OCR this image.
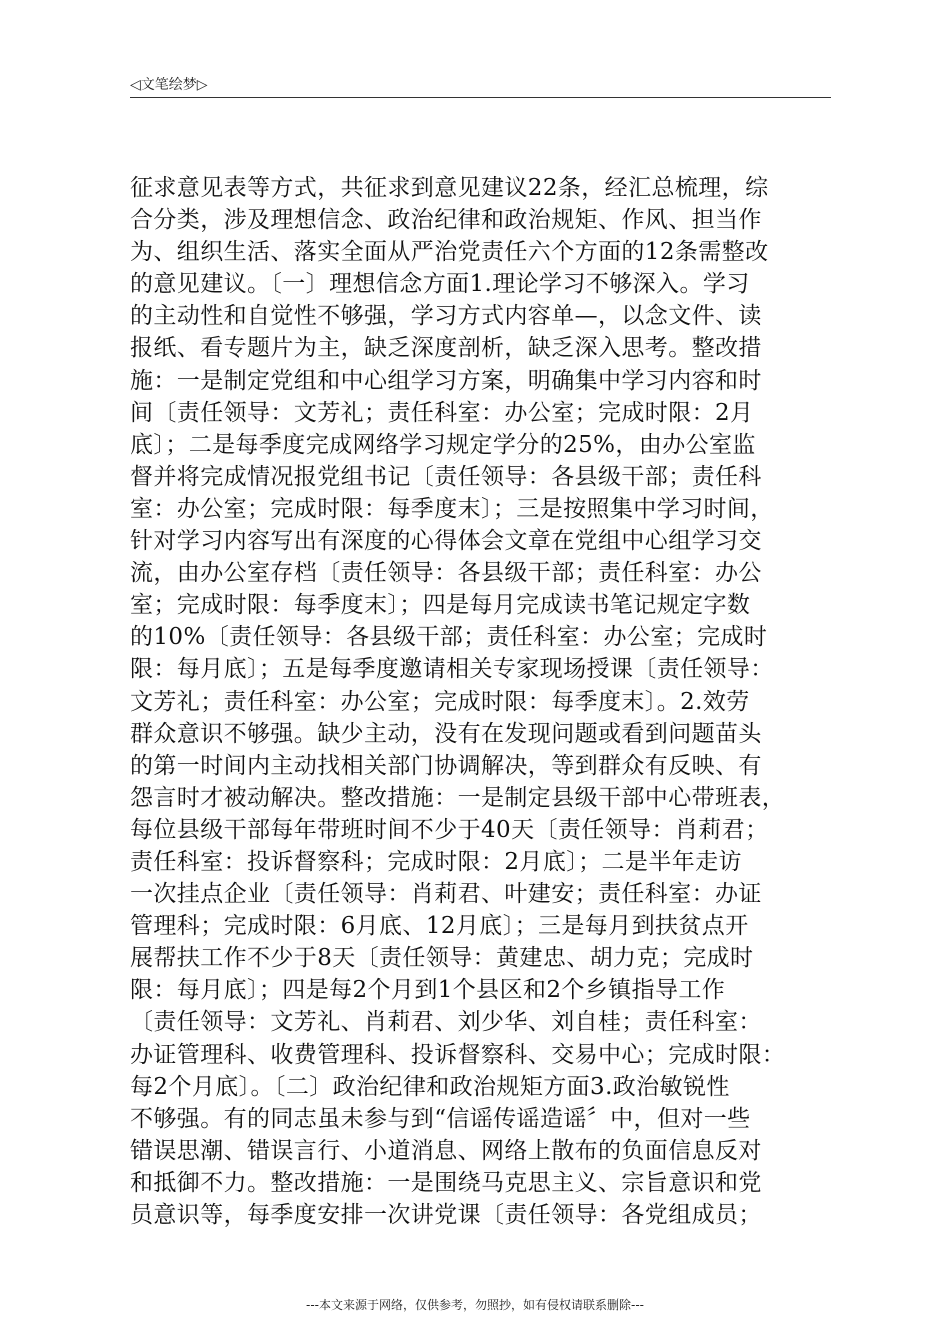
◁文笔绘梦▷
征求意见表等方式，共征求到意见建议22条，经汇总梳理，综
合分类，涉及理想信念、政治纪律和政治规矩、作风、担当作
为、组织生活、落实全面从严治党责任六个方面的12条需整改
的意见建议。〔一〕理想信念方面1.理论学习不够深入。学习
的主动性和自觉性不够强，学习方式内容单—，以念文件、读
报纸、看专题片为主，缺乏深度剖析，缺乏深入思考。整改措
施：一是制定党组和中心组学习方案，明确集中学习内容和时
间〔责任领导：文芳礼；责任科室：办公室；完成时限：2月
底〕；二是每季度完成网络学习规定学分的25%，由办公室监
督并将完成情况报党组书记〔责任领导：各县级干部；责任科
室：办公室；完成时限：每季度末〕；三是按照集中学习时间，
针对学习内容写出有深度的心得体会文章在党组中心组学习交
流，由办公室存档〔责任领导：各县级干部；责任科室：办公
室；完成时限：每季度末〕；四是每月完成读书笔记规定字数
的10%〔责任领导：各县级干部；责任科室：办公室；完成时
限：每月底〕；五是每季度邀请相关专家现场授课〔责任领导：
文芳礼；责任科室：办公室；完成时限：每季度末〕。2.效劳
群众意识不够强。缺少主动，没有在发现问题或看到问题苗头
的第一时间内主动找相关部门协调解决，等到群众有反映、有
怨言时才被动解决。整改措施：一是制定县级干部中心带班表，
每位县级干部每年带班时间不少于40天〔责任领导：肖莉君；
责任科室：投诉督察科；完成时限：2月底〕；二是半年走访
一次挂点企业〔责任领导：肖莉君、叶建安；责任科室：办证
管理科；完成时限：6月底、12月底〕；三是每月到扶贫点开
展帮扶工作不少于8天〔责任领导：黄建忠、胡力克；完成时
限：每月底〕；四是每2个月到1个县区和2个乡镇指导工作
〔责任领导：文芳礼、肖莉君、刘少华、刘自桂；责任科室：
办证管理科、收费管理科、投诉督察科、交易中心；完成时限：
每2个月底〕。〔二〕政治纪律和政治规矩方面3.政治敏锐性
不够强。有的同志虽未参与到“信谣传谣造谣〞中，但对一些
错误思潮、错误言行、小道消息、网络上散布的负面信息反对
和抵御不力。整改措施：一是围绕马克思主义、宗旨意识和党
员意识等，每季度安排一次讲党课〔责任领导：各党组成员；
---本文来源于网络，仅供参考，勿照抄，如有侵权请联系删除---
